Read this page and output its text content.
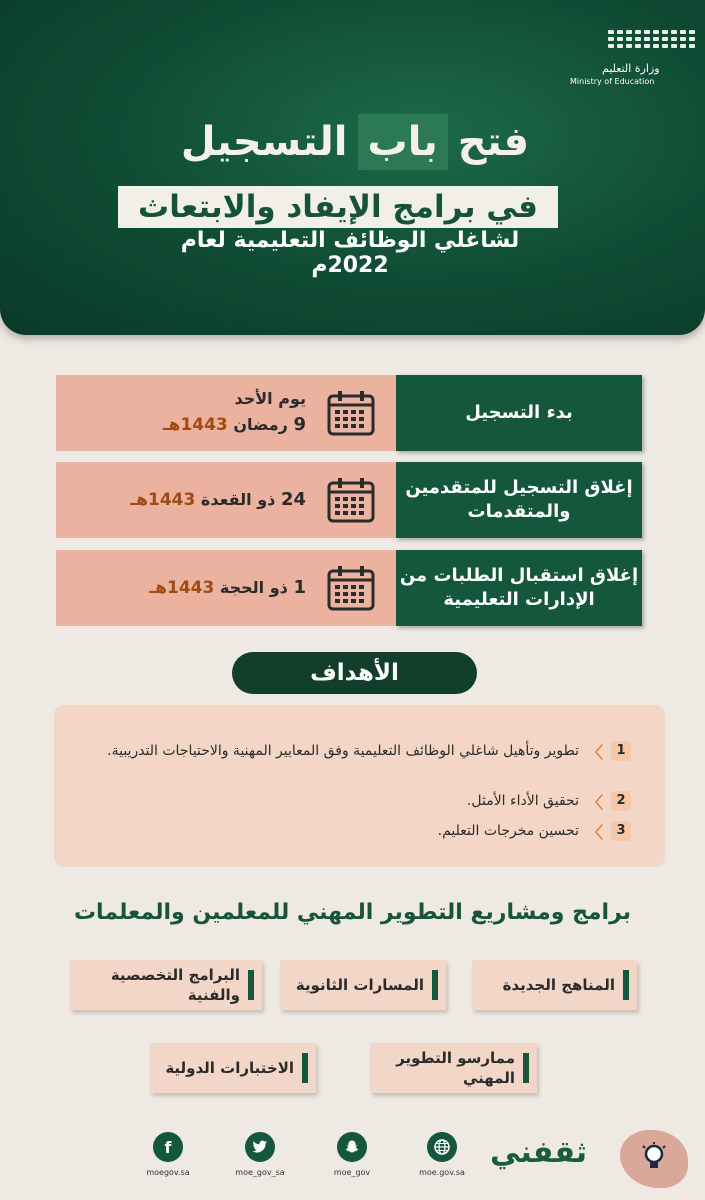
وزارة التعليم
Ministry of Education
فتح
باب
التسجيل
في برامج الإيفاد والابتعاث
لشاغلي الوظائف التعليمية لعام 2022م
بدء التسجيل
يوم الأحد
9 رمضان 1443هـ
إغلاق التسجيل للمتقدمين والمتقدمات
24 ذو القعدة 1443هـ
إغلاق استقبال الطلبات من الإدارات التعليمية
1 ذو الحجة 1443هـ
الأهداف
1
〉
تطوير وتأهيل شاغلي الوظائف التعليمية وفق المعايير المهنية والاحتياجات التدريبية.
2
〉
تحقيق الأداء الأمثل.
3
〉
تحسين مخرجات التعليم.
برامج ومشاريع التطوير المهني للمعلمين والمعلمات
المناهج الجديدة
المسارات الثانوية
البرامج التخصصية والفنية
ممارسو التطوير المهني
الاختبارات الدولية
f
moegov.sa	moe_gov_sa	moe_gov	moe.gov.sa
ثقفني
